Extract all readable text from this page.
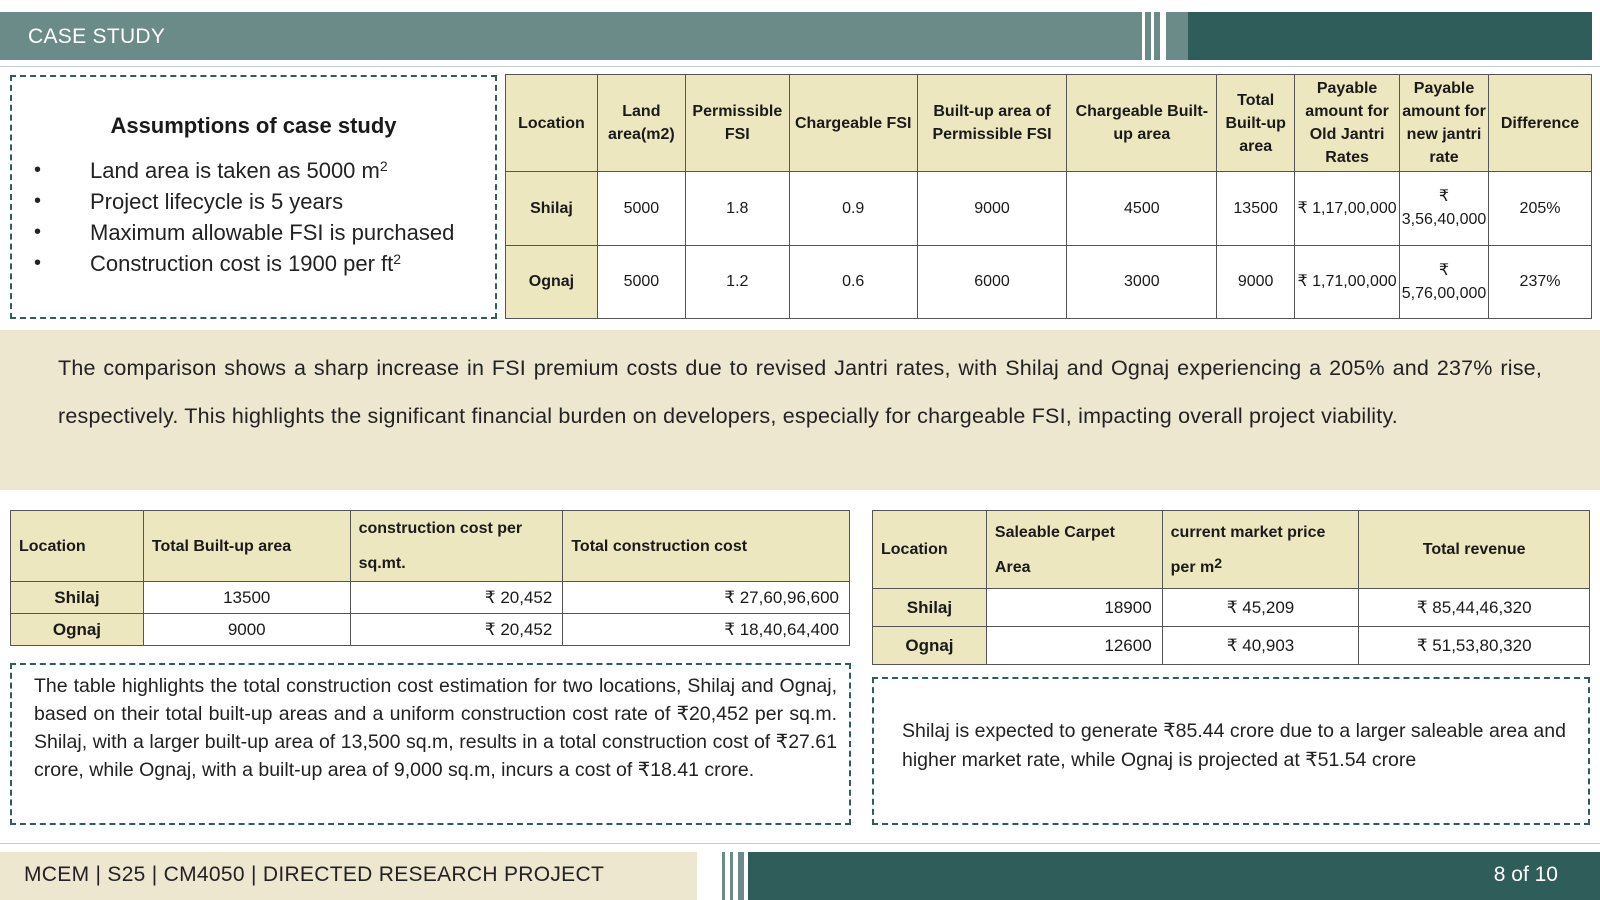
CASE STUDY
Assumptions of case study
• Land area is taken as 5000 $m^2$
• Project lifecycle is 5 years
• Maximum allowable FSI is purchased
• Construction cost is 1900 per $ft^2$
Location	Land area(m2)	Permissible FSI	Chargeable FSI	Built-up area of Permissible FSI	Chargeable Built-up area	Total Built-up area	Payable amount for Old Jantri Rates	Payable amount for new jantri rate	Difference
Shilaj	5000	1.8	0.9	9000	4500	13500	₹ 1,17,00,000	₹ 3,56,40,000	205%
Ognaj	5000	1.2	0.6	6000	3000	9000	₹ 1,71,00,000	₹ 5,76,00,000	237%

The comparison shows a sharp increase in FSI premium costs due to revised Jantri rates, with Shilaj and Ognaj experiencing a 205% and 237% rise, respectively. This highlights the significant financial burden on developers, especially for chargeable FSI, impacting overall project viability.

Location	Total Built-up area	construction cost per sq.mt.	Total construction cost
Shilaj	13500	₹ 20,452	₹ 27,60,96,600
Ognaj	9000	₹ 20,452	₹ 18,40,64,400
Location	Saleable Carpet Area	current market price per $m^2$	Total revenue
Shilaj	18900	₹ 45,209	₹ 85,44,46,320
Ognaj	12600	₹ 40,903	₹ 51,53,80,320

The table highlights the total construction cost estimation for two locations, Shilaj and Ognaj, based on their total built-up areas and a uniform construction cost rate of ₹20,452 per sq.m. Shilaj, with a larger built-up area of 13,500 sq.m, results in a total construction cost of ₹27.61 crore, while Ognaj, with a built-up area of 9,000 sq.m, incurs a cost of ₹18.41 crore.

Shilaj is expected to generate ₹85.44 crore due to a larger saleable area and higher market rate, while Ognaj is projected at ₹51.54 crore

MCEM | S25 | CM4050 | DIRECTED RESEARCH PROJECT	8 of 10
